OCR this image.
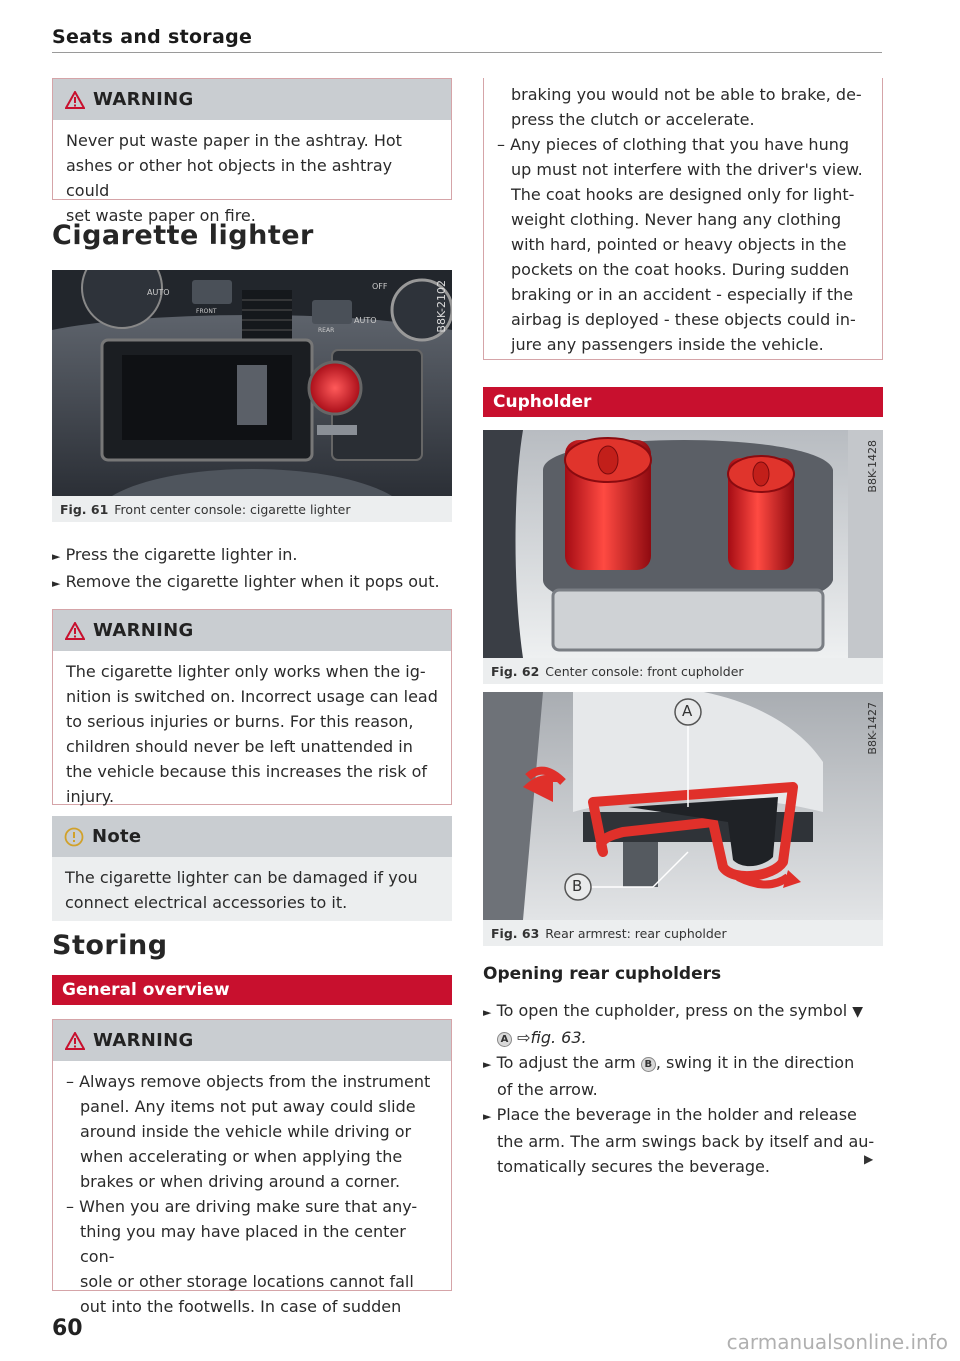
Seats and storage
WARNING
Never put waste paper in the ashtray. Hot
ashes or other hot objects in the ashtray could
set waste paper on fire.
Cigarette lighter
AUTO
FRONT
REAR
OFF
AUTO	B8K-2102
Fig. 61 Front center console: cigarette lighter
► Press the cigarette lighter in.
► Remove the cigarette lighter when it pops out.
WARNING
The cigarette lighter only works when the ig-
nition is switched on. Incorrect usage can lead
to serious injuries or burns. For this reason,
children should never be left unattended in
the vehicle because this increases the risk of
injury.
Note
The cigarette lighter can be damaged if you
connect electrical accessories to it.
Storing
General overview
WARNING
– Always remove objects from the instrument
panel. Any items not put away could slide
around inside the vehicle while driving or
when accelerating or when applying the
brakes or when driving around a corner.
– When you are driving make sure that any-
thing you may have placed in the center con-
sole or other storage locations cannot fall
out into the footwells. In case of sudden
braking you would not be able to brake, de-
press the clutch or accelerate.
– Any pieces of clothing that you have hung
up must not interfere with the driver's view.
The coat hooks are designed only for light-
weight clothing. Never hang any clothing
with hard, pointed or heavy objects in the
pockets on the coat hooks. During sudden
braking or in an accident - especially if the
airbag is deployed - these objects could in-
jure any passengers inside the vehicle.
Cupholder
B8K-1428
Fig. 62 Center console: front cupholder
A
B
B8K-1427
Fig. 63 Rear armrest: rear cupholder
Opening rear cupholders
► To open the cupholder, press on the symbol ▼
A ⇨fig. 63.
► To adjust the arm B , swing it in the direction
of the arrow.
► Place the beverage in the holder and release
the arm. The arm swings back by itself and au-
tomatically secures the beverage.	▶
60
carmanualsonline.info
